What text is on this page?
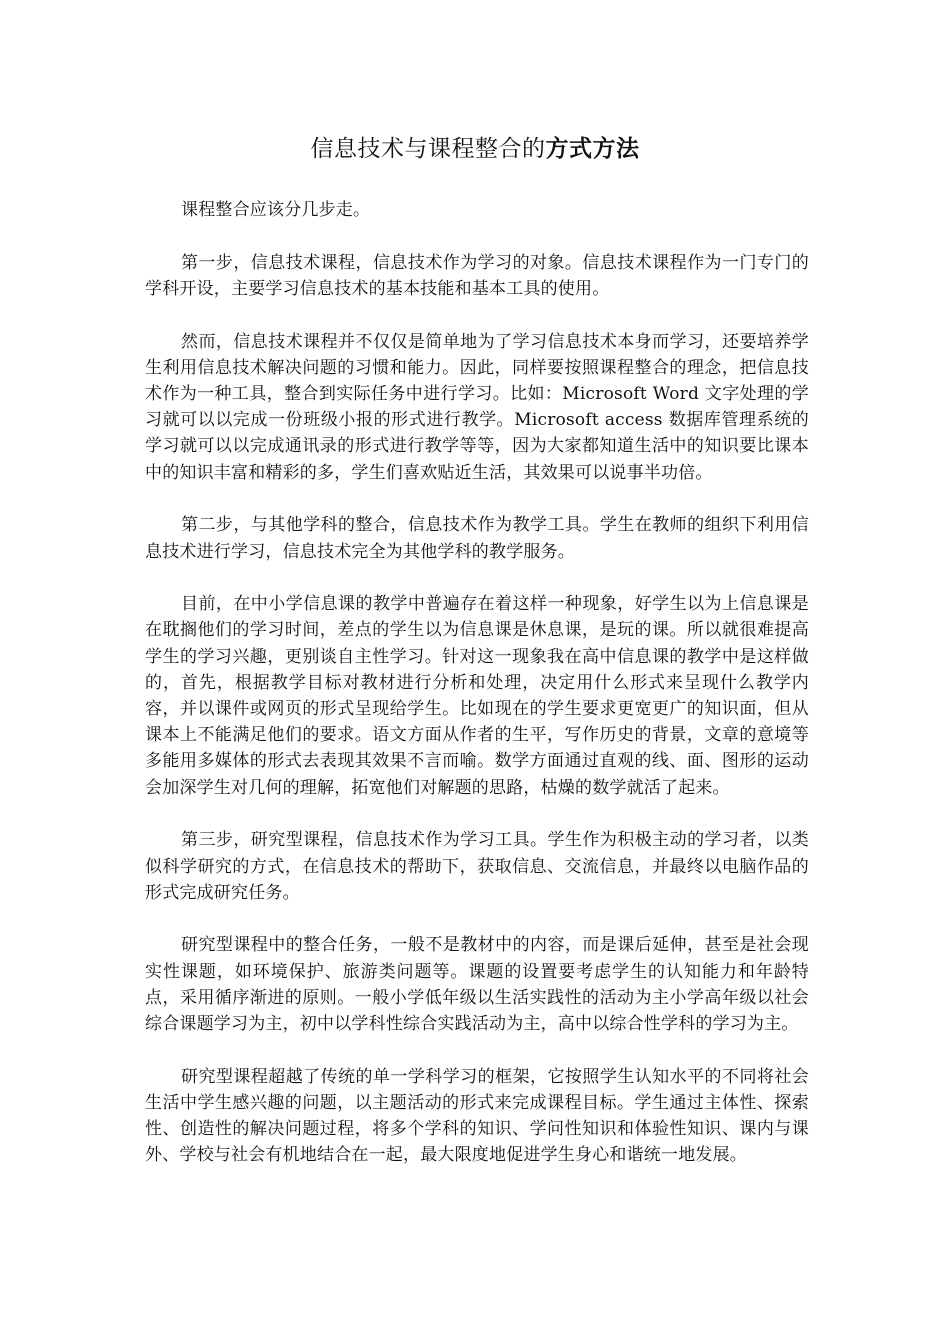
信息技术与课程整合的方式方法

课程整合应该分几步走。

第一步，信息技术课程，信息技术作为学习的对象。信息技术课程作为一门专门的学科开设，主要学习信息技术的基本技能和基本工具的使用。

然而，信息技术课程并不仅仅是简单地为了学习信息技术本身而学习，还要培养学生利用信息技术解决问题的习惯和能力。因此，同样要按照课程整合的理念，把信息技术作为一种工具，整合到实际任务中进行学习。比如：Microsoft Word 文字处理的学习就可以以完成一份班级小报的形式进行教学。Microsoft access 数据库管理系统的学习就可以以完成通讯录的形式进行教学等等，因为大家都知道生活中的知识要比课本中的知识丰富和精彩的多，学生们喜欢贴近生活，其效果可以说事半功倍。

第二步，与其他学科的整合，信息技术作为教学工具。学生在教师的组织下利用信息技术进行学习，信息技术完全为其他学科的教学服务。

目前，在中小学信息课的教学中普遍存在着这样一种现象，好学生以为上信息课是在耽搁他们的学习时间，差点的学生以为信息课是休息课，是玩的课。所以就很难提高学生的学习兴趣，更别谈自主性学习。针对这一现象我在高中信息课的教学中是这样做的，首先，根据教学目标对教材进行分析和处理，决定用什么形式来呈现什么教学内容，并以课件或网页的形式呈现给学生。比如现在的学生要求更宽更广的知识面，但从课本上不能满足他们的要求。语文方面从作者的生平，写作历史的背景，文章的意境等多能用多媒体的形式去表现其效果不言而喻。数学方面通过直观的线、面、图形的运动会加深学生对几何的理解，拓宽他们对解题的思路，枯燥的数学就活了起来。

第三步，研究型课程，信息技术作为学习工具。学生作为积极主动的学习者，以类似科学研究的方式，在信息技术的帮助下，获取信息、交流信息，并最终以电脑作品的形式完成研究任务。

研究型课程中的整合任务，一般不是教材中的内容，而是课后延伸，甚至是社会现实性课题，如环境保护、旅游类问题等。课题的设置要考虑学生的认知能力和年龄特点，采用循序渐进的原则。一般小学低年级以生活实践性的活动为主小学高年级以社会综合课题学习为主，初中以学科性综合实践活动为主，高中以综合性学科的学习为主。

研究型课程超越了传统的单一学科学习的框架，它按照学生认知水平的不同将社会生活中学生感兴趣的问题，以主题活动的形式来完成课程目标。学生通过主体性、探索性、创造性的解决问题过程，将多个学科的知识、学问性知识和体验性知识、课内与课外、学校与社会有机地结合在一起，最大限度地促进学生身心和谐统一地发展。
